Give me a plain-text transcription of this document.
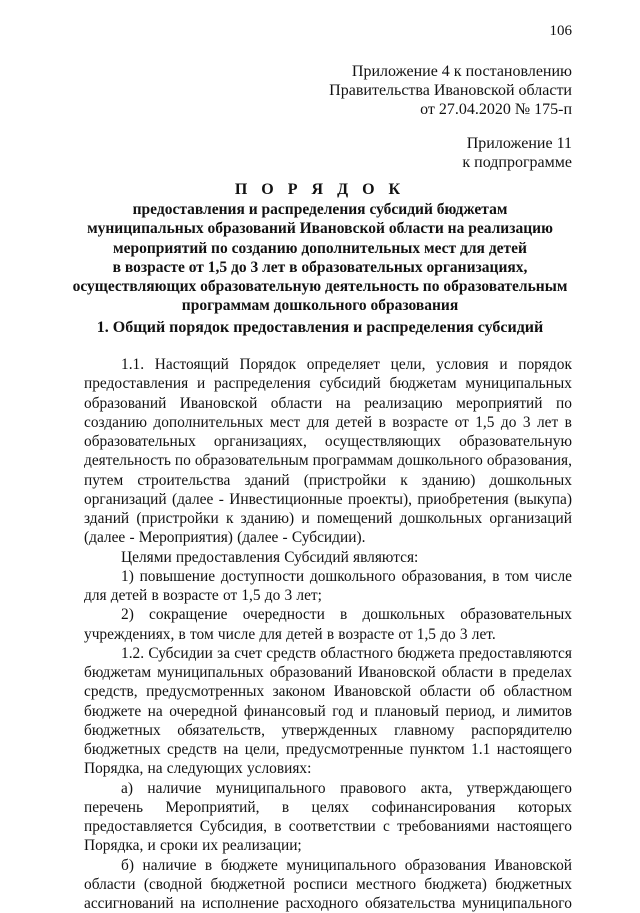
106
Приложение 4 к постановлению
Правительства Ивановской области
от 27.04.2020 № 175-п
Приложение 11
к подпрограмме
П О Р Я Д О К
предоставления и распределения субсидий бюджетам
муниципальных образований Ивановской области на реализацию
мероприятий по созданию дополнительных мест для детей
в возрасте от 1,5 до 3 лет в образовательных организациях,
осуществляющих образовательную деятельность по образовательным
программам дошкольного образования
1. Общий порядок предоставления и распределения субсидий
1.1. Настоящий Порядок определяет цели, условия и порядок
предоставления и распределения субсидий бюджетам муниципальных
образований Ивановской области на реализацию мероприятий по
созданию дополнительных мест для детей в возрасте от 1,5 до 3 лет в
образовательных организациях, осуществляющих образовательную
деятельность по образовательным программам дошкольного образования,
путем строительства зданий (пристройки к зданию) дошкольных
организаций (далее - Инвестиционные проекты), приобретения (выкупа)
зданий (пристройки к зданию) и помещений дошкольных организаций
(далее - Мероприятия) (далее - Субсидии).
Целями предоставления Субсидий являются:
1) повышение доступности дошкольного образования, в том числе
для детей в возрасте от 1,5 до 3 лет;
2) сокращение очередности в дошкольных образовательных
учреждениях, в том числе для детей в возрасте от 1,5 до 3 лет.
1.2. Субсидии за счет средств областного бюджета предоставляются
бюджетам муниципальных образований Ивановской области в пределах
средств, предусмотренных законом Ивановской области об областном
бюджете на очередной финансовый год и плановый период, и лимитов
бюджетных обязательств, утвержденных главному распорядителю
бюджетных средств на цели, предусмотренные пунктом 1.1 настоящего
Порядка, на следующих условиях:
а) наличие муниципального правового акта, утверждающего
перечень Мероприятий, в целях софинансирования которых
предоставляется Субсидия, в соответствии с требованиями настоящего
Порядка, и сроки их реализации;
б) наличие в бюджете муниципального образования Ивановской
области (сводной бюджетной росписи местного бюджета) бюджетных
ассигнований на исполнение расходного обязательства муниципального
